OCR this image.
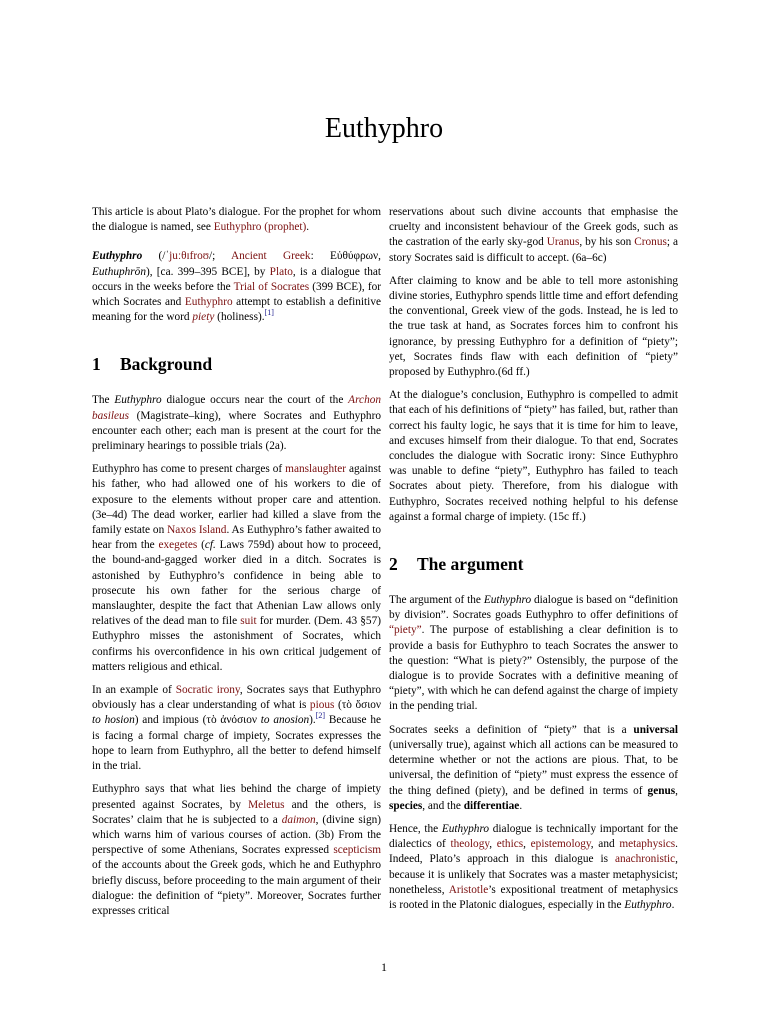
Euthyphro

This article is about Plato’s dialogue. For the prophet for whom the dialogue is named, see Euthyphro (prophet).

Euthyphro (/ˈjuːθɪfroʊ/; Ancient Greek: Εὐθύφρων, Euthuphrōn), [ca. 399–395 BCE], by Plato, is a dialogue that occurs in the weeks before the Trial of Socrates (399 BCE), for which Socrates and Euthyphro attempt to establish a definitive meaning for the word piety (holiness).[1]

1 Background

The Euthyphro dialogue occurs near the court of the Archon basileus (Magistrate–king), where Socrates and Euthyphro encounter each other; each man is present at the court for the preliminary hearings to possible trials (2a).

Euthyphro has come to present charges of manslaughter against his father, who had allowed one of his workers to die of exposure to the elements without proper care and attention. (3e–4d) The dead worker, earlier had killed a slave from the family estate on Naxos Island. As Euthyphro’s father awaited to hear from the exegetes (cf. Laws 759d) about how to proceed, the bound-and-gagged worker died in a ditch. Socrates is astonished by Euthyphro’s confidence in being able to prosecute his own father for the serious charge of manslaughter, despite the fact that Athenian Law allows only relatives of the dead man to file suit for murder. (Dem. 43 §57) Euthyphro misses the astonishment of Socrates, which confirms his overconfidence in his own critical judgement of matters religious and ethical.

In an example of Socratic irony, Socrates says that Euthyphro obviously has a clear understanding of what is pious (τὸ ὅσιον to hosion) and impious (τὸ ἀνόσιον to anosion).[2] Because he is facing a formal charge of impiety, Socrates expresses the hope to learn from Euthyphro, all the better to defend himself in the trial.

Euthyphro says that what lies behind the charge of impiety presented against Socrates, by Meletus and the others, is Socrates’ claim that he is subjected to a daimon, (divine sign) which warns him of various courses of action. (3b) From the perspective of some Athenians, Socrates expressed scepticism of the accounts about the Greek gods, which he and Euthyphro briefly discuss, before proceeding to the main argument of their dialogue: the definition of “piety”. Moreover, Socrates further expresses critical

reservations about such divine accounts that emphasise the cruelty and inconsistent behaviour of the Greek gods, such as the castration of the early sky-god Uranus, by his son Cronus; a story Socrates said is difficult to accept. (6a–6c)

After claiming to know and be able to tell more astonishing divine stories, Euthyphro spends little time and effort defending the conventional, Greek view of the gods. Instead, he is led to the true task at hand, as Socrates forces him to confront his ignorance, by pressing Euthyphro for a definition of “piety”; yet, Socrates finds flaw with each definition of “piety” proposed by Euthyphro.(6d ff.)

At the dialogue’s conclusion, Euthyphro is compelled to admit that each of his definitions of “piety” has failed, but, rather than correct his faulty logic, he says that it is time for him to leave, and excuses himself from their dialogue. To that end, Socrates concludes the dialogue with Socratic irony: Since Euthyphro was unable to define “piety”, Euthyphro has failed to teach Socrates about piety. Therefore, from his dialogue with Euthyphro, Socrates received nothing helpful to his defense against a formal charge of impiety. (15c ff.)

2 The argument

The argument of the Euthyphro dialogue is based on “definition by division”. Socrates goads Euthyphro to offer definitions of “piety”. The purpose of establishing a clear definition is to provide a basis for Euthyphro to teach Socrates the answer to the question: “What is piety?” Ostensibly, the purpose of the dialogue is to provide Socrates with a definitive meaning of “piety”, with which he can defend against the charge of impiety in the pending trial.

Socrates seeks a definition of “piety” that is a universal (universally true), against which all actions can be measured to determine whether or not the actions are pious. That, to be universal, the definition of “piety” must express the essence of the thing defined (piety), and be defined in terms of genus, species, and the differentiae.

Hence, the Euthyphro dialogue is technically important for the dialectics of theology, ethics, epistemology, and metaphysics. Indeed, Plato’s approach in this dialogue is anachronistic, because it is unlikely that Socrates was a master metaphysicist; nonetheless, Aristotle’s expositional treatment of metaphysics is rooted in the Platonic dialogues, especially in the Euthyphro.

1
